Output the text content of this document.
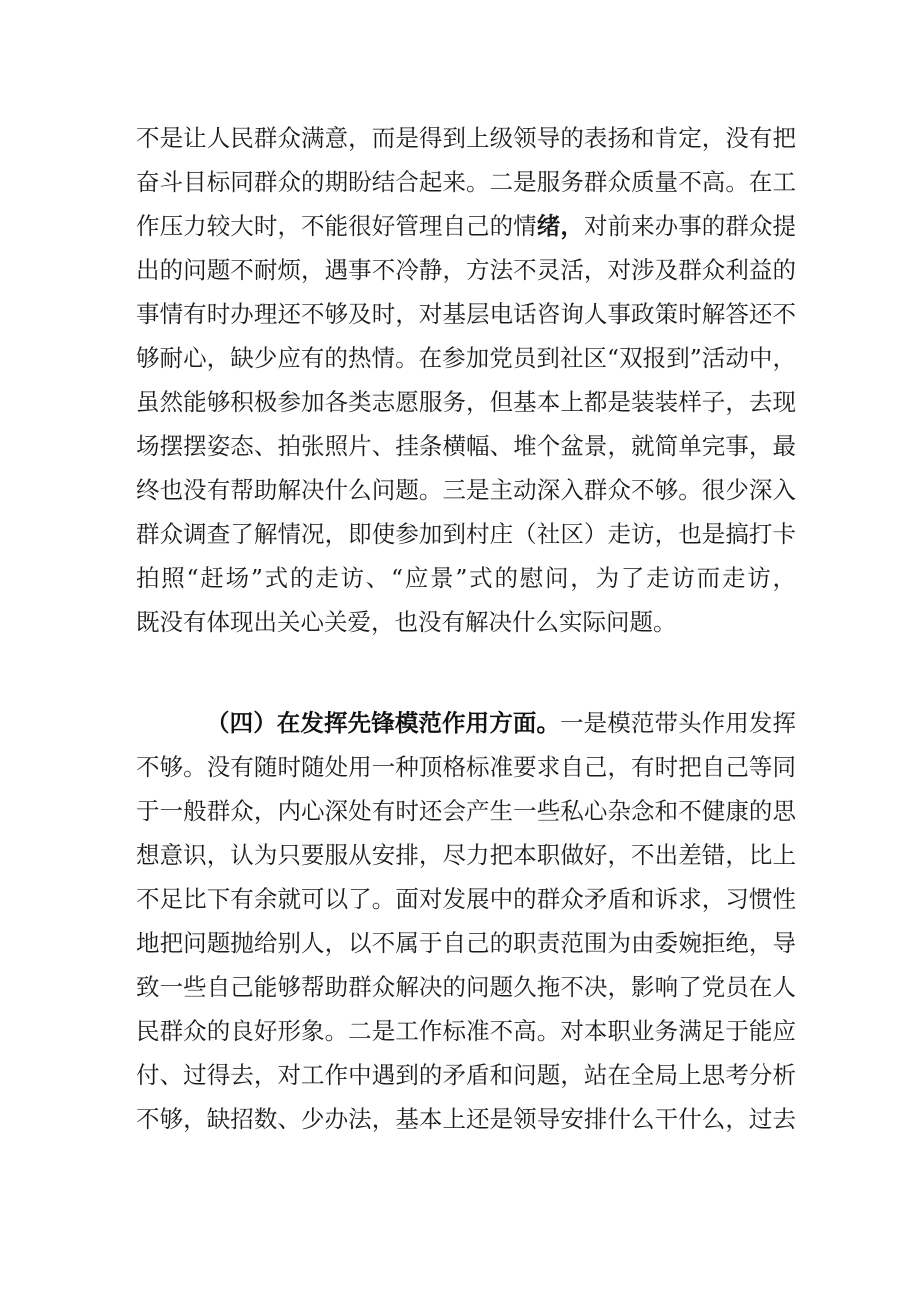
不是让人民群众满意，而是得到上级领导的表扬和肯定，没有把
奋斗目标同群众的期盼结合起来。二是服务群众质量不高。在工
作压力较大时，不能很好管理自己的情绪，对前来办事的群众提
出的问题不耐烦，遇事不冷静，方法不灵活，对涉及群众利益的
事情有时办理还不够及时，对基层电话咨询人事政策时解答还不
够耐心，缺少应有的热情。在参加党员到社区“双报到”活动中，
虽然能够积极参加各类志愿服务，但基本上都是装装样子，去现
场摆摆姿态、拍张照片、挂条横幅、堆个盆景，就简单完事，最
终也没有帮助解决什么问题。三是主动深入群众不够。很少深入
群众调查了解情况，即使参加到村庄（社区）走访，也是搞打卡
拍照“赶场”式的走访、“应景”式的慰问，为了走访而走访，
既没有体现出关心关爱，也没有解决什么实际问题。
（四）在发挥先锋模范作用方面。一是模范带头作用发挥
不够。没有随时随处用一种顶格标准要求自己，有时把自己等同
于一般群众，内心深处有时还会产生一些私心杂念和不健康的思
想意识，认为只要服从安排，尽力把本职做好，不出差错，比上
不足比下有余就可以了。面对发展中的群众矛盾和诉求，习惯性
地把问题抛给别人，以不属于自己的职责范围为由委婉拒绝，导
致一些自己能够帮助群众解决的问题久拖不决，影响了党员在人
民群众的良好形象。二是工作标准不高。对本职业务满足于能应
付、过得去，对工作中遇到的矛盾和问题，站在全局上思考分析
不够，缺招数、少办法，基本上还是领导安排什么干什么，过去
